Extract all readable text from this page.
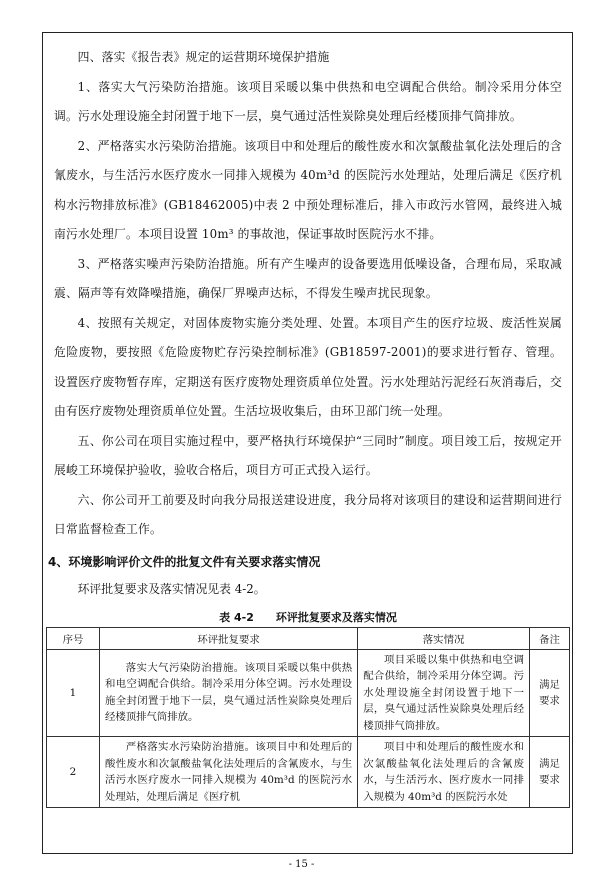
四、落实《报告表》规定的运营期环境保护措施

1、落实大气污染防治措施。该项目采暖以集中供热和电空调配合供给。制冷采用分体空调。污水处理设施全封闭置于地下一层，臭气通过活性炭除臭处理后经楼顶排气筒排放。

2、严格落实水污染防治措施。该项目中和处理后的酸性废水和次氯酸盐氧化法处理后的含氰废水，与生活污水医疗废水一同排入规模为 40m³d 的医院污水处理站，处理后满足《医疗机构水污物排放标准》(GB18462005)中表 2 中预处理标准后，排入市政污水管网，最终进入城南污水处理厂。本项目设置 10m³ 的事故池，保证事故时医院污水不排。

3、严格落实噪声污染防治措施。所有产生噪声的设备要选用低噪设备，合理布局，采取减震、隔声等有效降噪措施，确保厂界噪声达标，不得发生噪声扰民现象。

4、按照有关规定，对固体废物实施分类处理、处置。本项目产生的医疗垃圾、废活性炭属危险废物，要按照《危险废物贮存污染控制标准》(GB18597-2001)的要求进行暂存、管理。设置医疗废物暂存库，定期送有医疗废物处理资质单位处置。污水处理站污泥经石灰消毒后，交由有医疗废物处理资质单位处置。生活垃圾收集后，由环卫部门统一处理。

五、你公司在项目实施过程中，要严格执行环境保护“三同时”制度。项目竣工后，按规定开展峻工环境保护验收，验收合格后，项目方可正式投入运行。

六、你公司开工前要及时向我分局报送建设进度，我分局将对该项目的建设和运营期间进行日常监督检查工作。

4、环境影响评价文件的批复文件有关要求落实情况

环评批复要求及落实情况见表 4-2。

表 4-2　　环评批复要求及落实情况
序号	环评批复要求	落实情况	备注
1	落实大气污染防治措施。该项目采暖以集中供热和电空调配合供给。制冷采用分体空调。污水处理设施全封闭置于地下一层，臭气通过活性炭除臭处理后经楼顶排气筒排放。	项目采暖以集中供热和电空调配合供给，制冷采用分体空调。污水处理设施全封闭设置于地下一层，臭气通过活性炭除臭处理后经楼顶排气筒排放。	满足要求
2	严格落实水污染防治措施。该项目中和处理后的酸性废水和次氯酸盐氧化法处理后的含氰废水，与生活污水医疗废水一同排入规模为 40m³d 的医院污水处理站，处理后满足《医疗机	项目中和处理后的酸性废水和次氯酸盐氧化法处理后的含氰废水，与生活污水、医疗废水一同排入规模为 40m³d 的医院污水处	满足要求
- 15 -
